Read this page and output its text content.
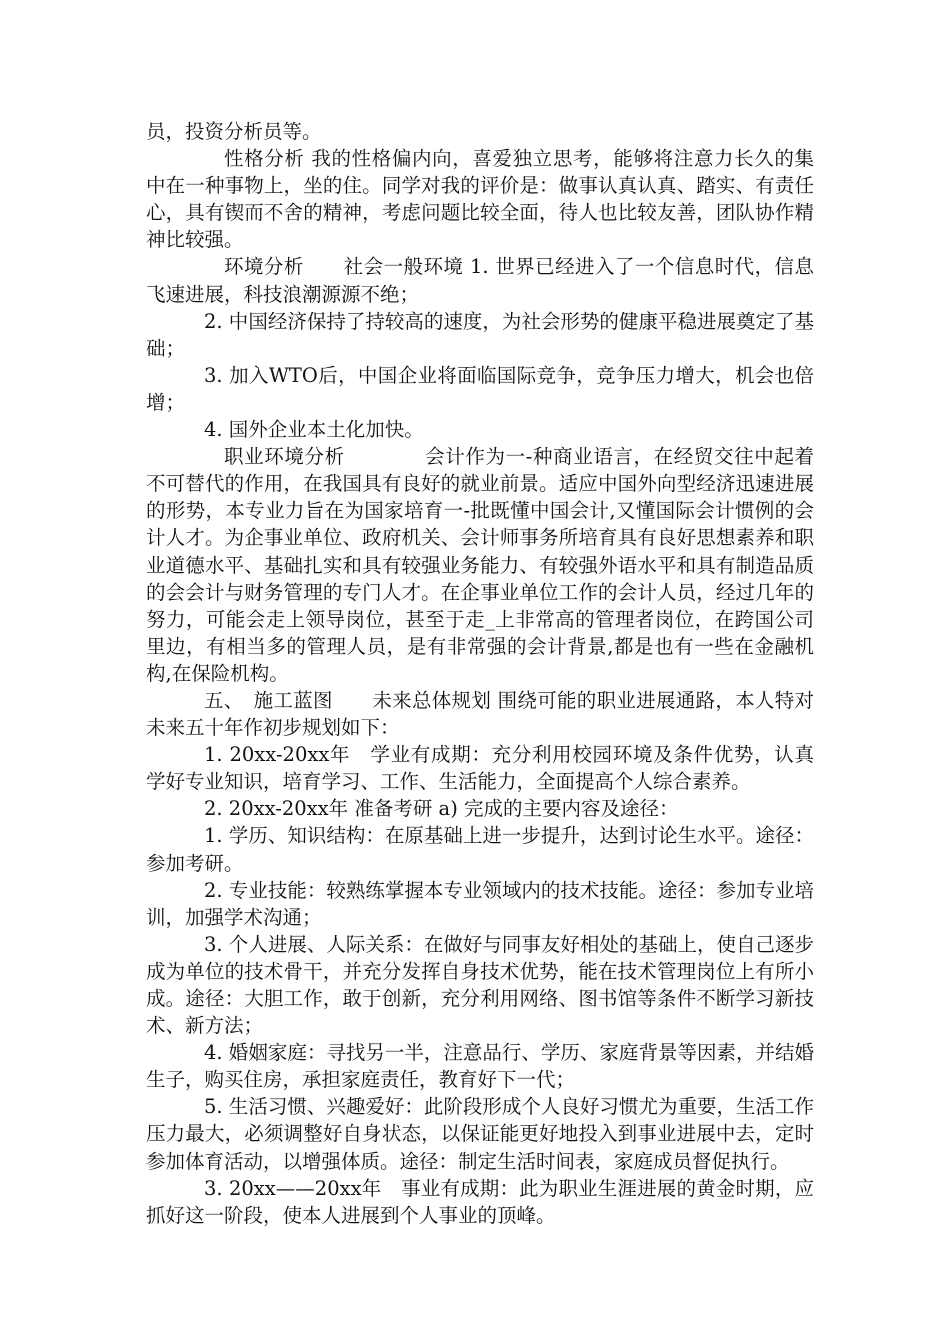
员，投资分析员等。

性格分析 我的性格偏内向，喜爱独立思考，能够将注意力长久的集中在一种事物上，坐的住。同学对我的评价是：做事认真认真、踏实、有责任心，具有锲而不舍的精神，考虑问题比较全面，待人也比较友善，团队协作精神比较强。

环境分析　　社会一般环境 1. 世界已经进入了一个信息时代，信息飞速进展，科技浪潮源源不绝；

2. 中国经济保持了持较高的速度，为社会形势的健康平稳进展奠定了基础；

3. 加入WTO后，中国企业将面临国际竞争，竞争压力增大，机会也倍增；

4. 国外企业本土化加快。

职业环境分析　　　　会计作为一-种商业语言，在经贸交往中起着不可替代的作用，在我国具有良好的就业前景。适应中国外向型经济迅速进展的形势，本专业力旨在为国家培育一-批既懂中国会计,又懂国际会计惯例的会计人才。为企事业单位、政府机关、会计师事务所培育具有良好思想素养和职业道德水平、基础扎实和具有较强业务能力、有较强外语水平和具有制造品质的会会计与财务管理的专门人才。在企事业单位工作的会计人员，经过几年的努力，可能会走上领导岗位，甚至于走_上非常高的管理者岗位，在跨国公司里边，有相当多的管理人员，是有非常强的会计背景,都是也有一些在金融机构,在保险机构。

五、　施工蓝图　　未来总体规划 围绕可能的职业进展通路，本人特对未来五十年作初步规划如下：

1. 20xx-20xx年　学业有成期：充分利用校园环境及条件优势，认真学好专业知识，培育学习、工作、生活能力，全面提高个人综合素养。

2. 20xx-20xx年 准备考研 a) 完成的主要内容及途径：

1. 学历、知识结构：在原基础上进一步提升，达到讨论生水平。途径：参加考研。

2. 专业技能：较熟练掌握本专业领域内的技术技能。途径：参加专业培训，加强学术沟通；

3. 个人进展、人际关系：在做好与同事友好相处的基础上，使自己逐步成为单位的技术骨干，并充分发挥自身技术优势，能在技术管理岗位上有所小成。途径：大胆工作，敢于创新，充分利用网络、图书馆等条件不断学习新技术、新方法；

4. 婚姻家庭：寻找另一半，注意品行、学历、家庭背景等因素，并结婚生子，购买住房，承担家庭责任，教育好下一代；

5. 生活习惯、兴趣爱好：此阶段形成个人良好习惯尤为重要，生活工作压力最大，必须调整好自身状态，以保证能更好地投入到事业进展中去，定时参加体育活动，以增强体质。途径：制定生活时间表，家庭成员督促执行。

3. 20xx——20xx年　事业有成期：此为职业生涯进展的黄金时期，应抓好这一阶段，使本人进展到个人事业的顶峰。
